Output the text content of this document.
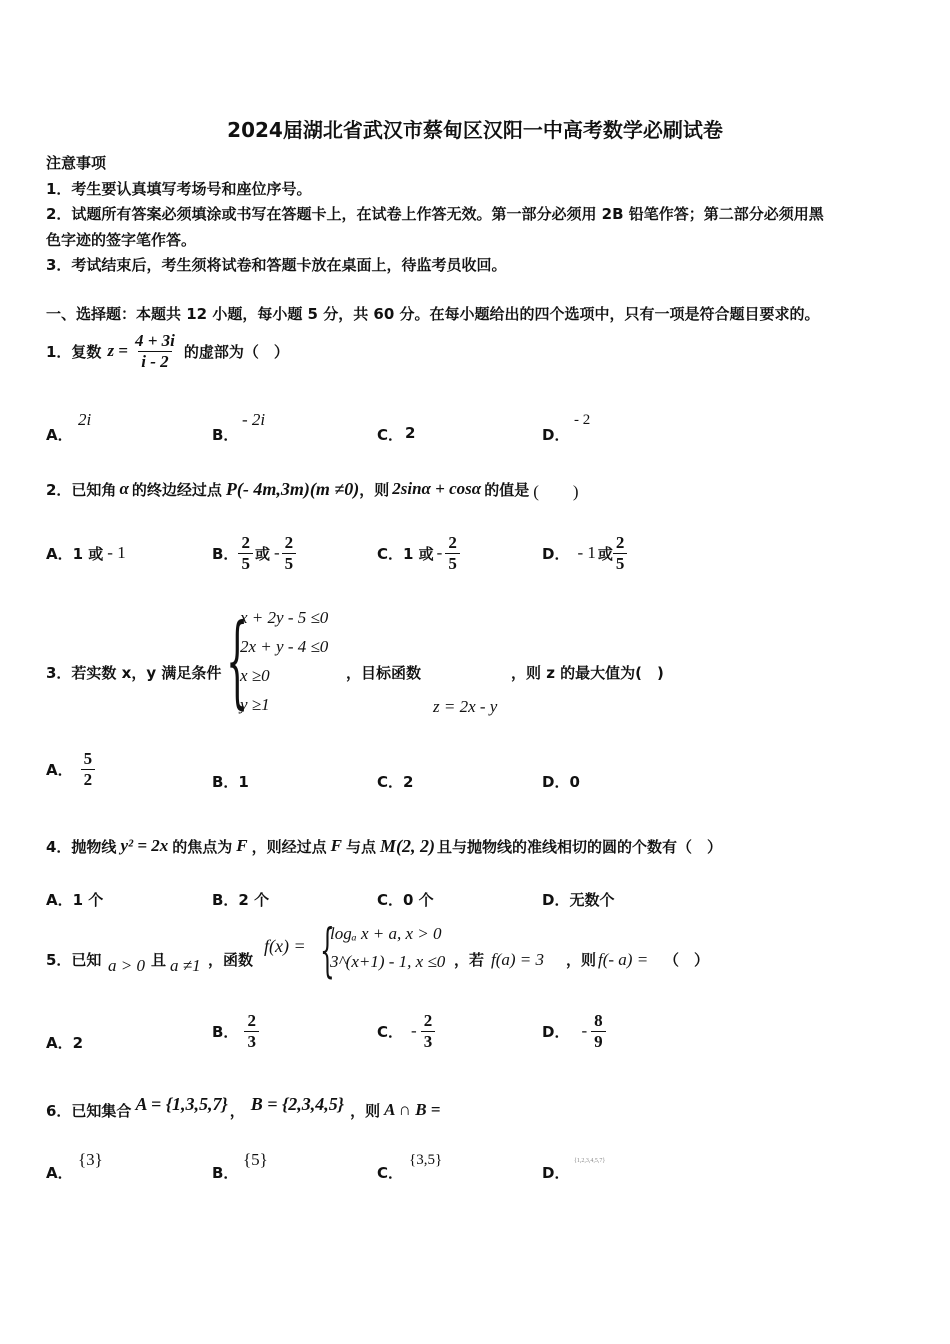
2024届湖北省武汉市蔡甸区汉阳一中高考数学必刷试卷
注意事项
1．考生要认真填写考场号和座位序号。
2．试题所有答案必须填涂或书写在答题卡上，在试卷上作答无效。第一部分必须用 2B 铅笔作答；第二部分必须用黑
色字迹的签字笔作答。
3．考试结束后，考生须将试卷和答题卡放在桌面上，待监考员收回。
一、选择题：本题共 12 小题，每小题 5 分，共 60 分。在每小题给出的四个选项中，只有一项是符合题目要求的。
1．复数 $z = \frac{4 + 3i}{i - 2}$ 的虚部为（　）
A．
2i
B．
- 2i
C． 2	D．
- 2
2．已知角 α 的终边经过点 P(- 4m,3m)(m ≠0) ，则 2sinα + cosα 的值是 (　　)
A．1 或 - 1	B． $\frac{2}{5}$ 或 - $\frac{2}{5}$	C．1 或 - $\frac{2}{5}$	D． - 1 或 $\frac{2}{5}$
3．若实数 x，y 满足条件 {
x + 2y - 5 ≤0
2x + y - 4 ≤0
x ≥0
y ≥1
，目标函数
z = 2x - y
，则 z 的最大值为(　)
A． $\frac{5}{2}$	B．1	C．2	D．0
4．抛物线 y² = 2x 的焦点为 F ，则经过点 F 与点 M(2, 2) 且与抛物线的准线相切的圆的个数有（　）
A．1 个	B．2 个	C．0 个	D．无数个
5．已知 a > 0 且 a ≠1 ，函数
f(x) = {
logₐ x + a, x > 0
3^(x+1) - 1, x ≤0 ，若 f(a) = 3 ，则 f(- a) = （　）
A．2
B． $\frac{2}{3}$	C． - $\frac{2}{3}$	D． - $\frac{8}{9}$
6．已知集合 A = {1,3,5,7} ， B = {2,3,4,5} ，则 A ∩ B =
A．
{3}
B．
{5}
C．
{3,5}
D．
{1,2,3,4,5,7}
